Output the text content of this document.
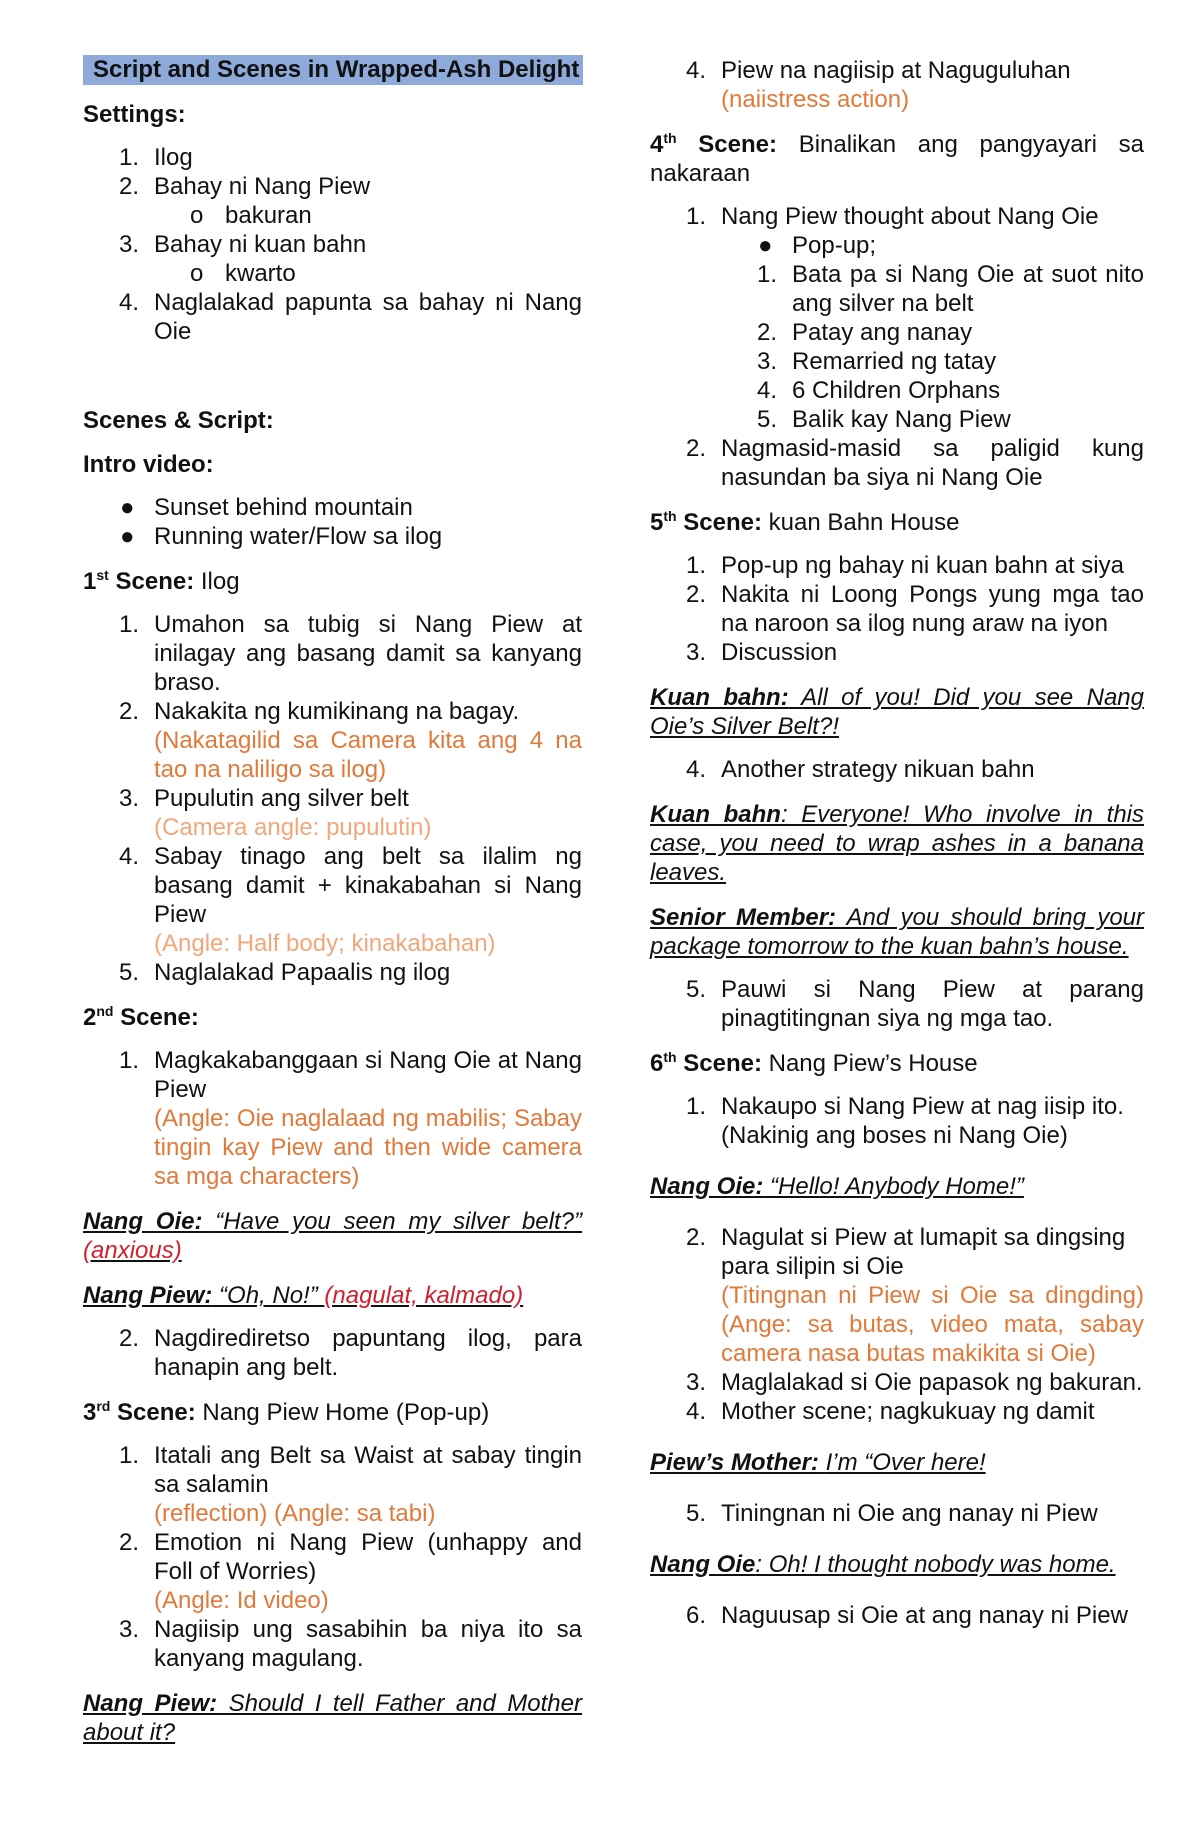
Script and Scenes in Wrapped-Ash Delight

Settings:

1. Ilog
2. Bahay ni Nang Piew
o bakuran
3. Bahay ni kuan bahn
o kwarto
4. Naglalakad papunta sa bahay ni Nang Oie

Scenes & Script:

Intro video:

● Sunset behind mountain
● Running water/Flow sa ilog

1st Scene: Ilog

1. Umahon sa tubig si Nang Piew at inilagay ang basang damit sa kanyang braso.
2. Nakakita ng kumikinang na bagay.
(Nakatagilid sa Camera kita ang 4 na tao na naliligo sa ilog)
3. Pupulutin ang silver belt
(Camera angle: pupulutin)
4. Sabay tinago ang belt sa ilalim ng basang damit + kinakabahan si Nang Piew
(Angle: Half body; kinakabahan)
5. Naglalakad Papaalis ng ilog

2nd Scene:

1. Magkakabanggaan si Nang Oie at Nang Piew
(Angle: Oie naglalaad ng mabilis; Sabay tingin kay Piew and then wide camera sa mga characters)

Nang Oie: “Have you seen my silver belt?” (anxious)

Nang Piew: “Oh, No!” (nagulat, kalmado)

2. Nagdirediretso papuntang ilog, para hanapin ang belt.

3rd Scene: Nang Piew Home (Pop-up)

1. Itatali ang Belt sa Waist at sabay tingin sa salamin
(reflection) (Angle: sa tabi)
2. Emotion ni Nang Piew (unhappy and Foll of Worries)
(Angle: Id video)
3. Nagiisip ung sasabihin ba niya ito sa kanyang magulang.

Nang Piew: Should I tell Father and Mother about it?

4. Piew na nagiisip at Naguguluhan
(naiistress action)

4th Scene: Binalikan ang pangyayari sa nakaraan

1. Nang Piew thought about Nang Oie
● Pop-up;
1. Bata pa si Nang Oie at suot nito ang silver na belt
2. Patay ang nanay
3. Remarried ng tatay
4. 6 Children Orphans
5. Balik kay Nang Piew
2. Nagmasid-masid sa paligid kung nasundan ba siya ni Nang Oie

5th Scene: kuan Bahn House

1. Pop-up ng bahay ni kuan bahn at siya
2. Nakita ni Loong Pongs yung mga tao na naroon sa ilog nung araw na iyon
3. Discussion

Kuan bahn: All of you! Did you see Nang Oie’s Silver Belt?!

4. Another strategy nikuan bahn

Kuan bahn: Everyone! Who involve in this case, you need to wrap ashes in a banana leaves.

Senior Member: And you should bring your package tomorrow to the kuan bahn’s house.

5. Pauwi si Nang Piew at parang pinagtitingnan siya ng mga tao.

6th Scene: Nang Piew’s House

1. Nakaupo si Nang Piew at nag iisip ito. (Nakinig ang boses ni Nang Oie)

Nang Oie: “Hello! Anybody Home!”

2. Nagulat si Piew at lumapit sa dingsing para silipin si Oie

(Titingnan ni Piew si Oie sa dingding) (Ange: sa butas, video mata, sabay camera nasa butas makikita si Oie)
3. Maglalakad si Oie papasok ng bakuran.
4. Mother scene; nagkukuay ng damit

Piew’s Mother: I’m “Over here!

5. Tiningnan ni Oie ang nanay ni Piew

Nang Oie: Oh! I thought nobody was home.

6. Naguusap si Oie at ang nanay ni Piew
